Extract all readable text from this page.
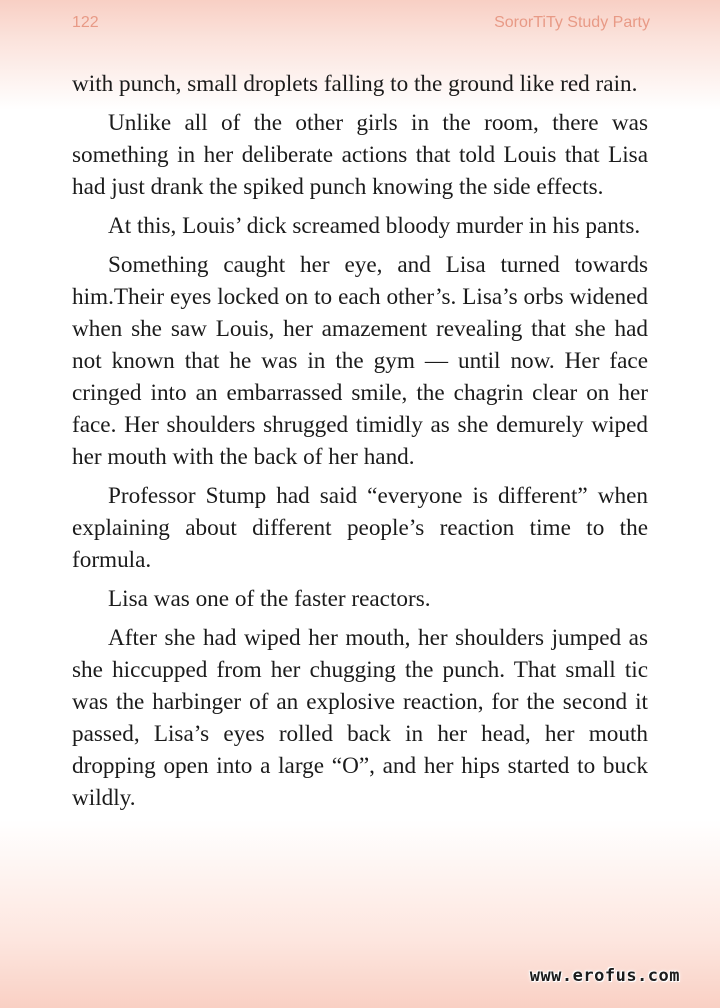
122	SororTiTy Study Party

with punch, small droplets falling to the ground like red rain.

Unlike all of the other girls in the room, there was something in her deliberate actions that told Louis that Lisa had just drank the spiked punch knowing the side effects.

At this, Louis’ dick screamed bloody murder in his pants.

Something caught her eye, and Lisa turned towards him.Their eyes locked on to each other’s. Lisa’s orbs widened when she saw Louis, her amazement revealing that she had not known that he was in the gym — until now. Her face cringed into an embarrassed smile, the chagrin clear on her face. Her shoulders shrugged timidly as she demurely wiped her mouth with the back of her hand.

Professor Stump had said “everyone is different” when explaining about different people’s reaction time to the formula.

Lisa was one of the faster reactors.

After she had wiped her mouth, her shoulders jumped as she hiccupped from her chugging the punch. That small tic was the harbinger of an explosive reaction, for the second it passed, Lisa’s eyes rolled back in her head, her mouth dropping open into a large “O”, and her hips started to buck wildly.

www.erofus.com
